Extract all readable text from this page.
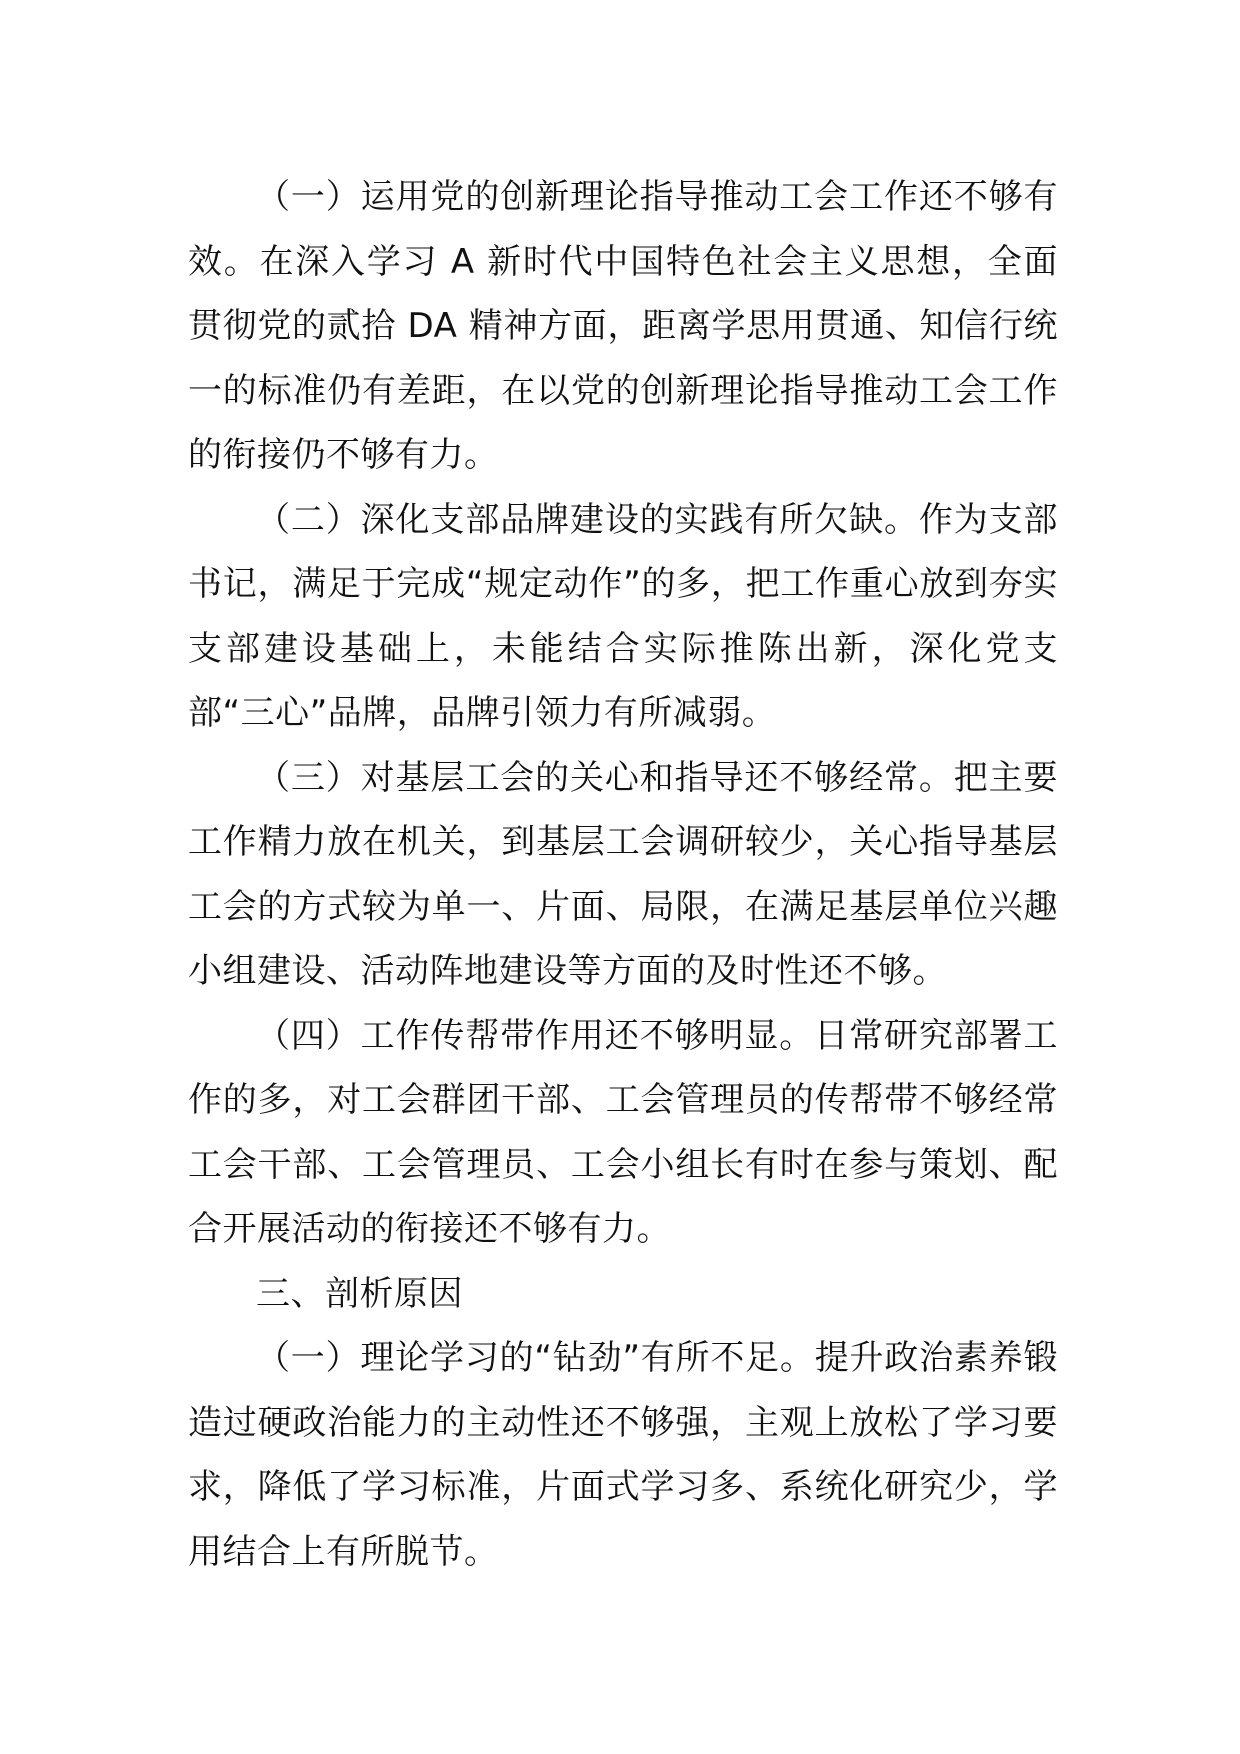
（一）运用党的创新理论指导推动工会工作还不够有效。在深入学习 A 新时代中国特色社会主义思想，全面贯彻党的贰拾 DA 精神方面，距离学思用贯通、知信行统一的标准仍有差距，在以党的创新理论指导推动工会工作的衔接仍不够有力。

（二）深化支部品牌建设的实践有所欠缺。作为支部书记，满足于完成“规定动作”的多，把工作重心放到夯实支部建设基础上，未能结合实际推陈出新，深化党支部“三心”品牌，品牌引领力有所减弱。

（三）对基层工会的关心和指导还不够经常。把主要工作精力放在机关，到基层工会调研较少，关心指导基层工会的方式较为单一、片面、局限，在满足基层单位兴趣小组建设、活动阵地建设等方面的及时性还不够。

（四）工作传帮带作用还不够明显。日常研究部署工作的多，对工会群团干部、工会管理员的传帮带不够经常工会干部、工会管理员、工会小组长有时在参与策划、配合开展活动的衔接还不够有力。

三、剖析原因

（一）理论学习的“钻劲”有所不足。提升政治素养锻造过硬政治能力的主动性还不够强，主观上放松了学习要求，降低了学习标准，片面式学习多、系统化研究少，学用结合上有所脱节。
